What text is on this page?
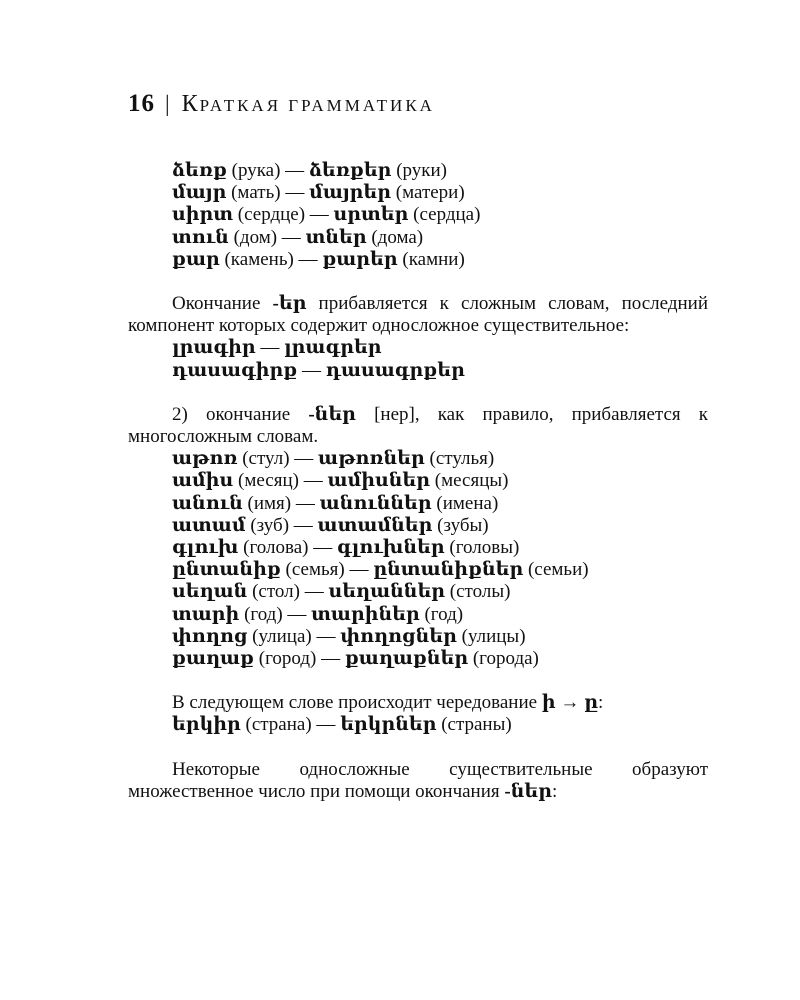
16 | КРАТКАЯ ГРАММАТИКА
ձեռք (рука) — ձեռքեր (руки)
մայր (мать) — մայրեր (матери)
սիրտ (сердце) — սրտեր (сердца)
տուն (дом) — տներ (дома)
քար (камень) — քարեր (камни)

Окончание -եր прибавляется к сложным словам, последний компонент которых содержит односложное существительное:

լրագիր — լրագրեր
դասագիրք — դասագրքեր

2) окончание -ներ [нер], как правило, прибавляется к многосложным словам.

աթոռ (стул) — աթոռներ (стулья)
ամիս (месяц) — ամիսներ (месяцы)
անուն (имя) — անուններ (имена)
ատամ (зуб) — ատամներ (зубы)
գլուխ (голова) — գլուխներ (головы)
ընտանիք (семья) — ընտանիքներ (семьи)
սեղան (стол) — սեղաններ (столы)
տարի (год) — տարիներ (год)
փողոց (улица) — փողոցներ (улицы)
քաղաք (город) — քաղաքներ (города)

В следующем слове происходит чередование ի → ը:

երկիր (страна) — երկրներ (страны)

Некоторые односложные существительные образуют множественное число при помощи окончания -ներ:
